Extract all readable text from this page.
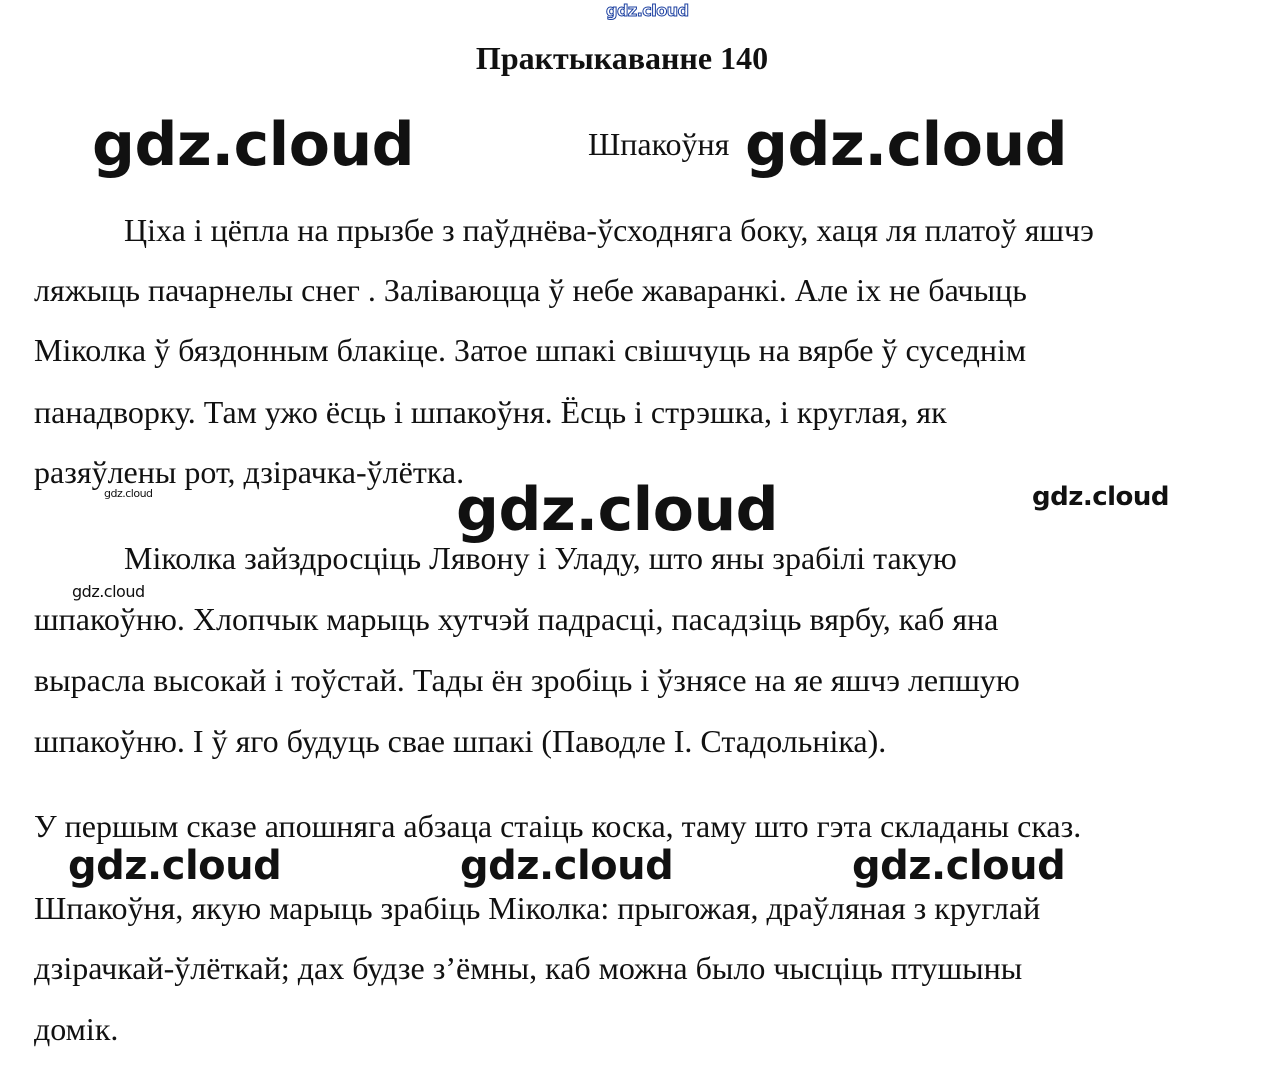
gdz.cloud
gdz.cloud	gdz.cloud
gdz.cloud	gdz.cloud
gdz.cloud
gdz.cloud
gdz.cloud	gdz.cloud	gdz.cloud
Практыкаванне 140
Шпакоўня
Ціха і цёпла на прызбе з паўднёва-ўсходняга боку, хаця ля платоў яшчэ
ляжыць пачарнелы снег . Заліваюцца ў небе жаваранкі. Але іх не бачыць
Міколка ў бяздонным блакіце. Затое шпакі свішчуць на вярбе ў суседнім
панадворку. Там ужо ёсць і шпакоўня. Ёсць і стрэшка, і круглая, як
разяўлены рот, дзірачка-ўлётка.
Міколка зайздросціць Лявону і Уладу, што яны зрабілі такую
шпакоўню. Хлопчык марыць хутчэй падрасці, пасадзіць вярбу, каб яна
вырасла высокай і тоўстай. Тады ён зробіць і ўзнясе на яе яшчэ лепшую
шпакоўню. І ў яго будуць свае шпакі (Паводле І. Стадольніка).
У першым сказе апошняга абзаца стаіць коска, таму што гэта складаны сказ.
Шпакоўня, якую марыць зрабіць Міколка: прыгожая, драўляная з круглай
дзірачкай-ўлёткай; дах будзе з’ёмны, каб можна было чысціць птушыны
домік.
